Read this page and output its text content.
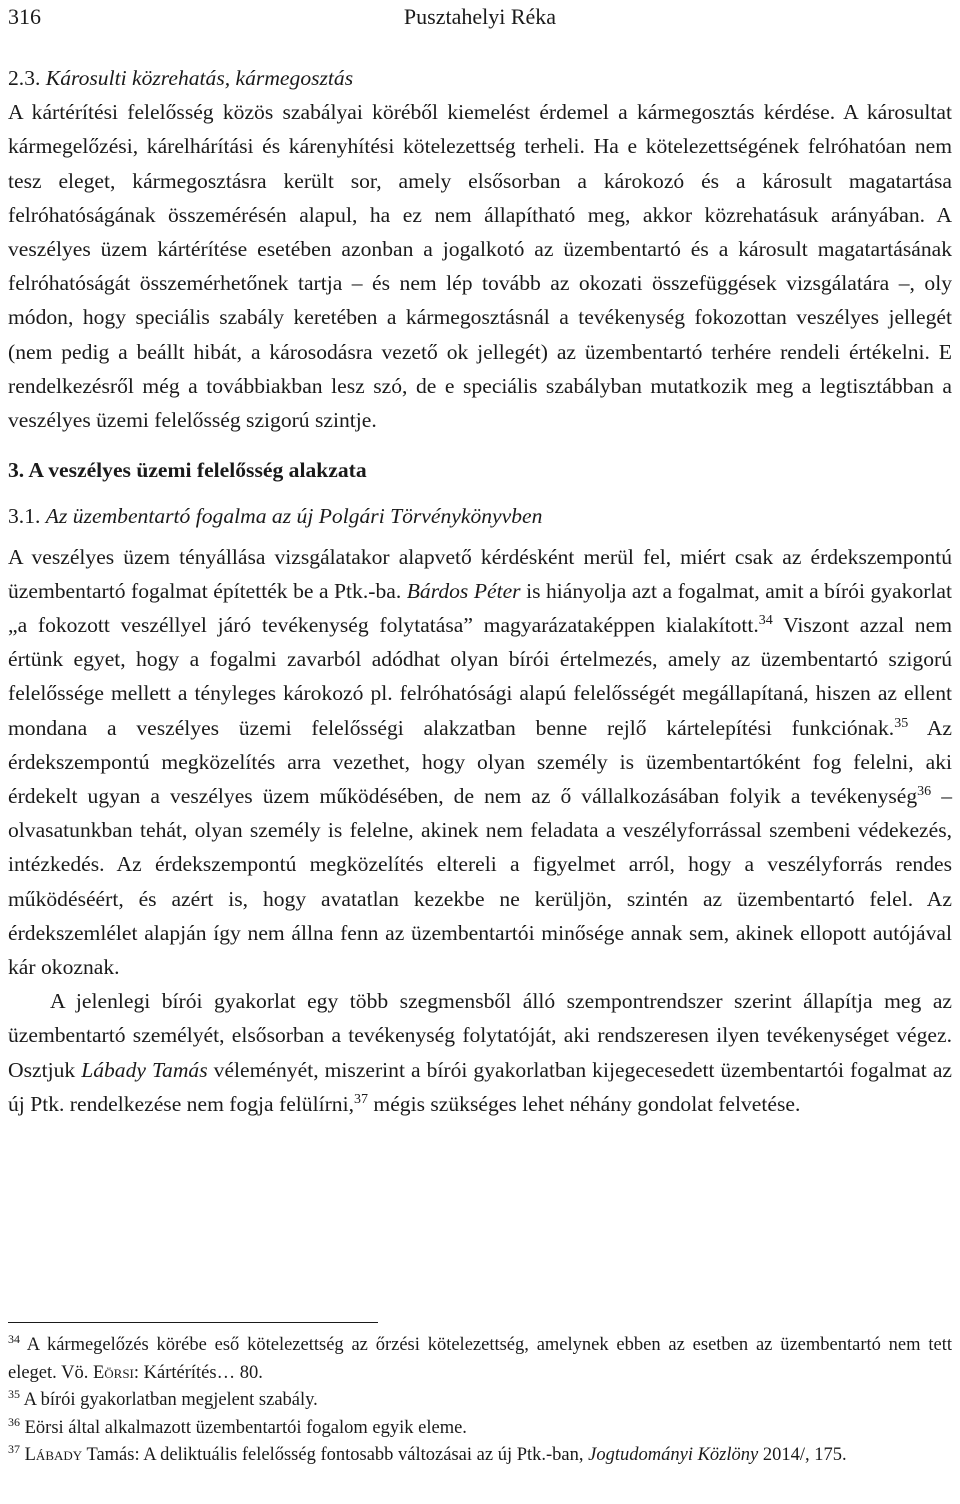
316	Pusztahelyi Réka
2.3. Károsulti közrehatás, kármegosztás

A kártérítési felelősség közös szabályai köréből kiemelést érdemel a kármegosztás kérdése. A károsultat kármegelőzési, kárelhárítási és kárenyhítési kötelezettség terheli. Ha e kötelezettségének felróhatóan nem tesz eleget, kármegosztásra került sor, amely elsősorban a károkozó és a károsult magatartása felróhatóságának összemérésén alapul, ha ez nem állapítható meg, akkor közrehatásuk arányában. A veszélyes üzem kártérítése esetében azonban a jogalkotó az üzembentartó és a károsult magatartásának felróhatóságát összemérhetőnek tartja – és nem lép tovább az okozati összefüggések vizsgálatára –, oly módon, hogy speciális szabály keretében a kármegosztásnál a tevékenység fokozottan veszélyes jellegét (nem pedig a beállt hibát, a károsodásra vezető ok jellegét) az üzembentartó terhére rendeli értékelni. E rendelkezésről még a továbbiakban lesz szó, de e speciális szabályban mutatkozik meg a legtisztábban a veszélyes üzemi felelősség szigorú szintje.

3. A veszélyes üzemi felelősség alakzata
3.1. Az üzembentartó fogalma az új Polgári Törvénykönyvben

A veszélyes üzem tényállása vizsgálatakor alapvető kérdésként merül fel, miért csak az érdekszempontú üzembentartó fogalmat építették be a Ptk.-ba. Bárdos Péter is hiányolja azt a fogalmat, amit a bírói gyakorlat „a fokozott veszéllyel járó tevékenység folytatása” magyarázataképpen kialakított.$^{34}$ Viszont azzal nem értünk egyet, hogy a fogalmi zavarból adódhat olyan bírói értelmezés, amely az üzembentartó szigorú felelőssége mellett a tényleges károkozó pl. felróhatósági alapú felelősségét megállapítaná, hiszen az ellent mondana a veszélyes üzemi felelősségi alakzatban benne rejlő kártelepítési funkciónak.$^{35}$ Az érdekszempontú megközelítés arra vezethet, hogy olyan személy is üzembentartóként fog felelni, aki érdekelt ugyan a veszélyes üzem működésében, de nem az ő vállalkozásában folyik a tevékenység$^{36}$ – olvasatunkban tehát, olyan személy is felelne, akinek nem feladata a veszélyforrással szembeni védekezés, intézkedés. Az érdekszempontú megközelítés eltereli a figyelmet arról, hogy a veszélyforrás rendes működéséért, és azért is, hogy avatatlan kezekbe ne kerüljön, szintén az üzembentartó felel. Az érdekszemlélet alapján így nem állna fenn az üzembentartói minősége annak sem, akinek ellopott autójával kár okoznak.

A jelenlegi bírói gyakorlat egy több szegmensből álló szempontrendszer szerint állapítja meg az üzembentartó személyét, elsősorban a tevékenység folytatóját, aki rendszeresen ilyen tevékenységet végez. Osztjuk Lábady Tamás véleményét, miszerint a bírói gyakorlatban kijegecesedett üzembentartói fogalmat az új Ptk. rendelkezése nem fogja felülírni,$^{37}$ mégis szükséges lehet néhány gondolat felvetése.

$^{34}$ A kármegelőzés körébe eső kötelezettség az őrzési kötelezettség, amelynek ebben az esetben az üzembentartó nem tett eleget. Vö. Eörsi: Kártérítés… 80.

$^{35}$ A bírói gyakorlatban megjelent szabály.

$^{36}$ Eörsi által alkalmazott üzembentartói fogalom egyik eleme.

$^{37}$ Lábady Tamás: A deliktuális felelősség fontosabb változásai az új Ptk.-ban, Jogtudományi Közlöny 2014/, 175.
